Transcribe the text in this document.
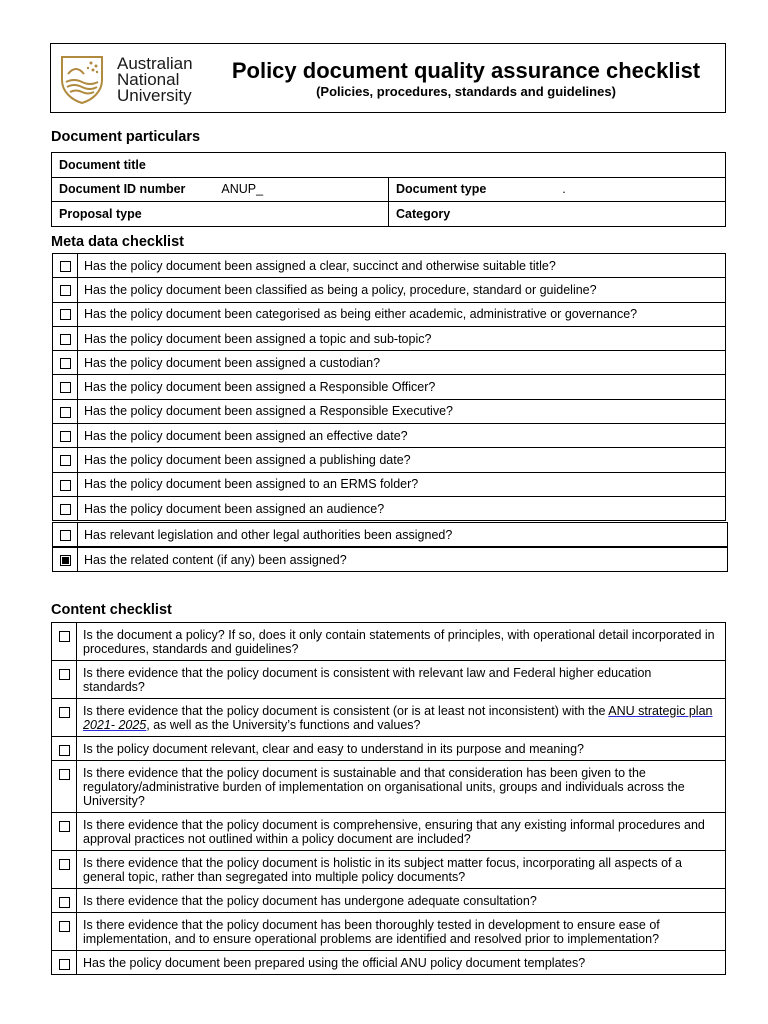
Australian
National
University
Policy document quality assurance checklist
(Policies, procedures, standards and guidelines)
Document particulars
Document title	
Document ID number ANUP_	Document type .
Proposal type	Category
Meta data checklist
	Has the policy document been assigned a clear, succinct and otherwise suitable title?
	Has the policy document been classified as being a policy, procedure, standard or guideline?
	Has the policy document been categorised as being either academic, administrative or governance?
	Has the policy document been assigned a topic and sub-topic?
	Has the policy document been assigned a custodian?
	Has the policy document been assigned a Responsible Officer?
	Has the policy document been assigned a Responsible Executive?
	Has the policy document been assigned an effective date?
	Has the policy document been assigned a publishing date?
	Has the policy document been assigned to an ERMS folder?
	Has the policy document been assigned an audience?
	Has relevant legislation and other legal authorities been assigned?
	Has the related content (if any) been assigned?
Content checklist
	Is the document a policy? If so, does it only contain statements of principles, with operational detail incorporated in procedures, standards and guidelines?
	Is there evidence that the policy document is consistent with relevant law and Federal higher education standards?
	Is there evidence that the policy document is consistent (or is at least not inconsistent) with the ANU strategic plan 2021- 2025, as well as the University’s functions and values?
	Is the policy document relevant, clear and easy to understand in its purpose and meaning?
	Is there evidence that the policy document is sustainable and that consideration has been given to the regulatory/administrative burden of implementation on organisational units, groups and individuals across the University?
	Is there evidence that the policy document is comprehensive, ensuring that any existing informal procedures and approval practices not outlined within a policy document are included?
	Is there evidence that the policy document is holistic in its subject matter focus, incorporating all aspects of a general topic, rather than segregated into multiple policy documents?
	Is there evidence that the policy document has undergone adequate consultation?
	Is there evidence that the policy document has been thoroughly tested in development to ensure ease of implementation, and to ensure operational problems are identified and resolved prior to implementation?
	Has the policy document been prepared using the official ANU policy document templates?
